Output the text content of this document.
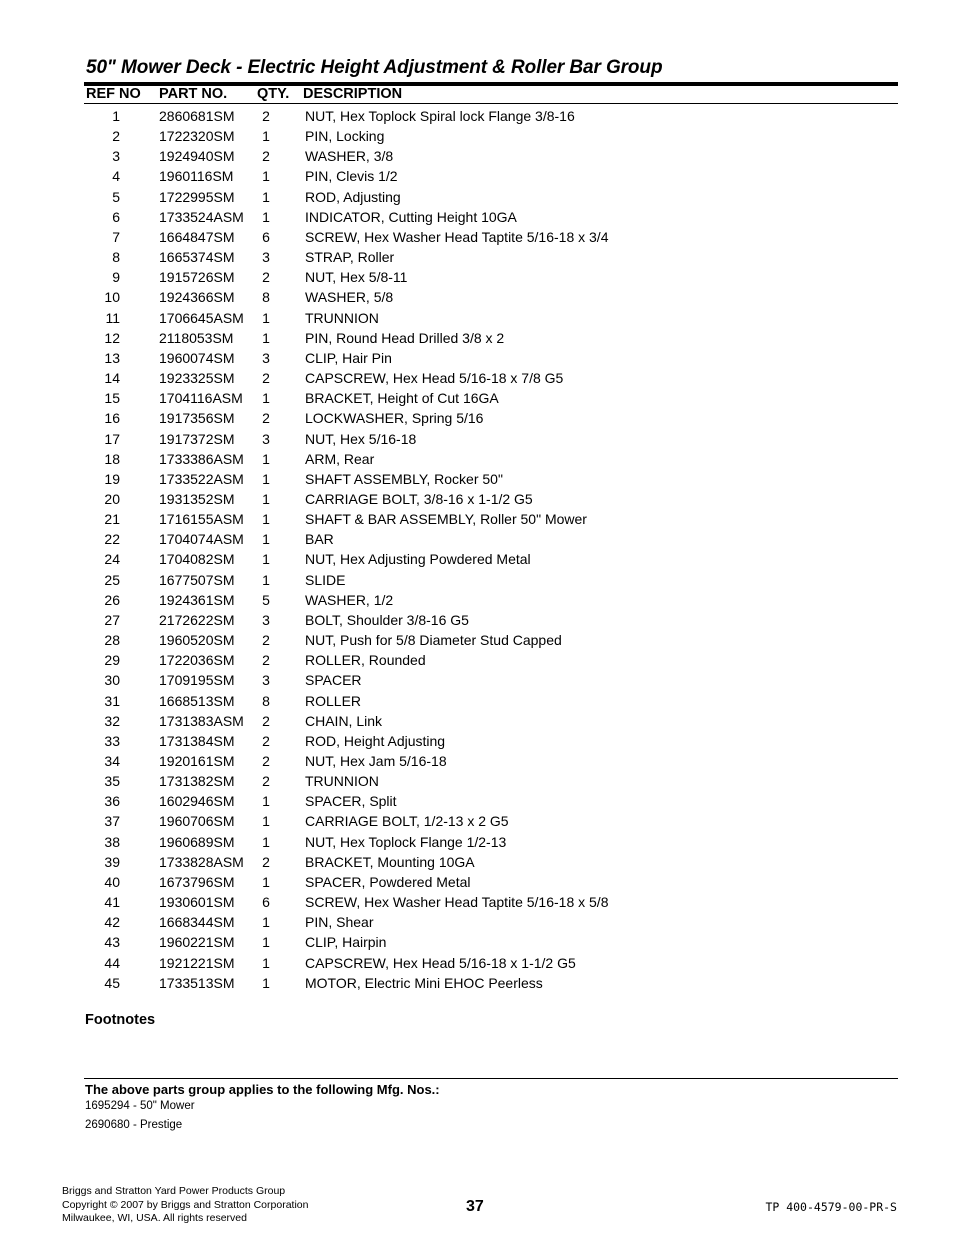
50" Mower Deck - Electric Height Adjustment & Roller Bar Group
REF NO PART NO. QTY. DESCRIPTION
1	2860681SM 2	NUT, Hex Toplock Spiral lock Flange 3/8-16
2	1722320SM 1	PIN, Locking
3	1924940SM 2	WASHER, 3/8
4	1960116SM 1	PIN, Clevis 1/2
5	1722995SM 1	ROD, Adjusting
6	1733524ASM 1	INDICATOR, Cutting Height 10GA
7	1664847SM 6	SCREW, Hex Washer Head Taptite 5/16-18 x 3/4
8	1665374SM 3	STRAP, Roller
9	1915726SM 2	NUT, Hex 5/8-11
10	1924366SM 8	WASHER, 5/8
11	1706645ASM 1	TRUNNION
12	2118053SM 1	PIN, Round Head Drilled 3/8 x 2
13	1960074SM 3	CLIP, Hair Pin
14	1923325SM 2	CAPSCREW, Hex Head 5/16-18 x 7/8 G5
15	1704116ASM 1	BRACKET, Height of Cut 16GA
16	1917356SM 2	LOCKWASHER, Spring 5/16
17	1917372SM 3	NUT, Hex 5/16-18
18	1733386ASM 1	ARM, Rear
19	1733522ASM 1	SHAFT ASSEMBLY, Rocker 50"
20	1931352SM 1	CARRIAGE BOLT, 3/8-16 x 1-1/2 G5
21	1716155ASM 1	SHAFT & BAR ASSEMBLY, Roller 50" Mower
22	1704074ASM 1	BAR
24	1704082SM 1	NUT, Hex Adjusting Powdered Metal
25	1677507SM 1	SLIDE
26	1924361SM 5	WASHER, 1/2
27	2172622SM 3	BOLT, Shoulder 3/8-16 G5
28	1960520SM 2	NUT, Push for 5/8 Diameter Stud Capped
29	1722036SM 2	ROLLER, Rounded
30	1709195SM 3	SPACER
31	1668513SM 8	ROLLER
32	1731383ASM 2	CHAIN, Link
33	1731384SM 2	ROD, Height Adjusting
34	1920161SM 2	NUT, Hex Jam 5/16-18
35	1731382SM 2	TRUNNION
36	1602946SM 1	SPACER, Split
37	1960706SM 1	CARRIAGE BOLT, 1/2-13 x 2 G5
38	1960689SM 1	NUT, Hex Toplock Flange 1/2-13
39	1733828ASM 2	BRACKET, Mounting 10GA
40	1673796SM 1	SPACER, Powdered Metal
41	1930601SM 6	SCREW, Hex Washer Head Taptite 5/16-18 x 5/8
42	1668344SM 1	PIN, Shear
43	1960221SM 1	CLIP, Hairpin
44	1921221SM 1	CAPSCREW, Hex Head 5/16-18 x 1-1/2 G5
45	1733513SM 1	MOTOR, Electric Mini EHOC Peerless
Footnotes
The above parts group applies to the following Mfg. Nos.:
1695294 - 50" Mower
2690680 - Prestige
Briggs and Stratton Yard Power Products Group
Copyright © 2007 by Briggs and Stratton Corporation
Milwaukee, WI, USA. All rights reserved
37	TP 400-4579-00-PR-S
